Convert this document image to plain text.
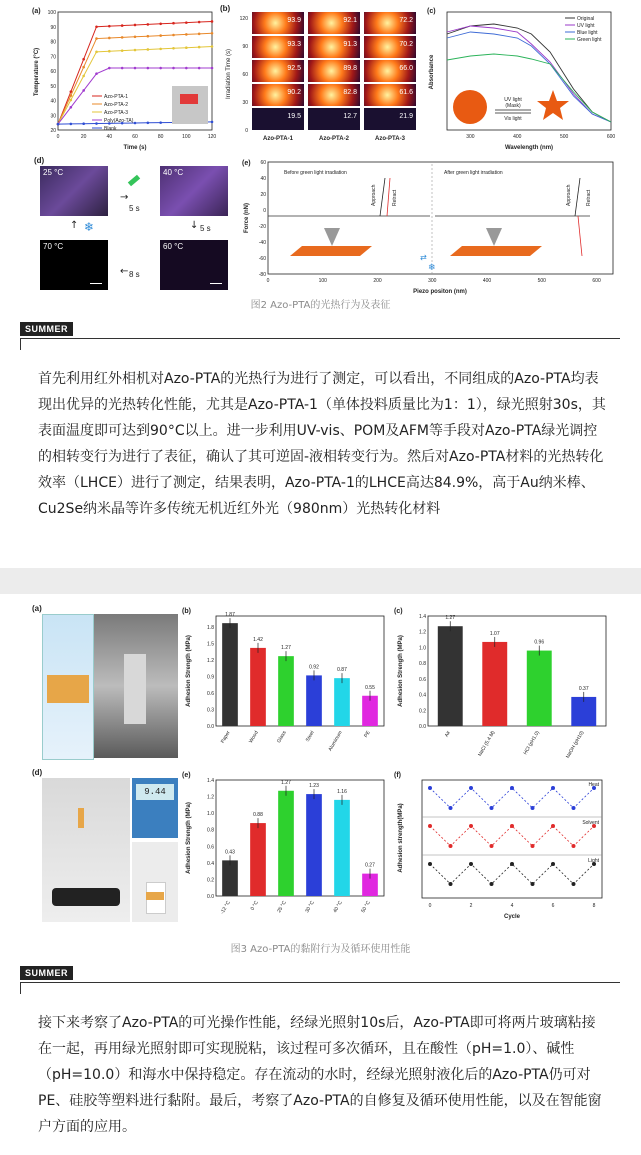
(a)
20
30
40
50
60
70
80
90
100
0	20	40	60	80	100	120
Time (s)
Temperature (°C)
Azo-PTA-1
Azo-PTA-2
Azo-PTA-3
Poly(Azo-TA)
Blank
(b)
Irradiation Time (s)
0
30
60
90
120	93.9	92.1	72.2
93.3	91.3	70.2
92.5	89.8	66.0
90.2	82.8	61.6
19.5	12.7	21.9
Azo-PTA-1	Azo-PTA-2	Azo-PTA-3
(c)
300	400	500	600
Wavelength (nm)
Absorbance
Original
UV light
Blue light
Green light
UV light
(Mask)
Vis light
(d)
25 °C	40 °C
70 °C	60 °C
→
5 s
↓ 5 s
← 8 s
↑ ❄
(e)
-80
-60
-40
-20
0
20
40
60
0	100	200	300	400	500	600
Piezo positon (nm)
Force (nN)
Before green light irradiation	After green light irradiation
Approach	Retract	Approach	Retract
❄
⇄
图2 Azo-PTA的光热行为及表征
SUMMER
首先利用红外相机对Azo-PTA的光热行为进行了测定，可以看出，不同组成的Azo-PTA均表现出优异的光热转化性能，尤其是Azo-PTA-1（单体投料质量比为1：1），绿光照射30s，其表面温度即可达到90°C以上。进一步利用UV-vis、POM及AFM等手段对Azo-PTA绿光调控的相转变行为进行了表征，确认了其可逆固-液相转变行为。然后对Azo-PTA材料的光热转化效率（LHCE）进行了测定，结果表明，Azo-PTA-1的LHCE高达84.9%，高于Au纳米棒、Cu2Se纳米晶等许多传统无机近红外光（980nm）光热转化材料
(a)	(b)
Adhesion Strength (MPa)
0.0
0.3
0.6
0.9
1.2
1.5
1.8
1.87
Paper
1.42
Wood
1.27
Glass
0.92
Steel
0.87
Aluminum
0.55
PE
(c)
Adhesion Strength (MPa)
0.0
0.2
0.4
0.6
0.8
1.0
1.2
1.4	1.27
Air
1.07
NaCl (5.4 M)
0.96
HCl (pH1.0)
0.37
NaOH (pH10)
(d)
9.44
(e)
Adhesion Strength (MPa)
0.0
0.2
0.4
0.6
0.8
1.0
1.2
1.4
0.43
-12 °C
0.88
0 °C
1.27
25 °C
1.23
30 °C
1.16
40 °C
0.27
50 °C
(f)
Adhesion strength(MPa)
Cycle
0	2	4	6	8
Heat
Solvent
Light
图3 Azo-PTA的黏附行为及循环使用性能
SUMMER
接下来考察了Azo-PTA的可光操作性能，经绿光照射10s后，Azo-PTA即可将两片玻璃粘接在一起，再用绿光照射即可实现脱粘，该过程可多次循环，且在酸性（pH=1.0）、碱性（pH=10.0）和海水中保持稳定。存在流动的水时，经绿光照射液化后的Azo-PTA仍可对PE、硅胶等塑料进行黏附。最后，考察了Azo-PTA的自修复及循环使用性能，以及在智能窗户方面的应用。
